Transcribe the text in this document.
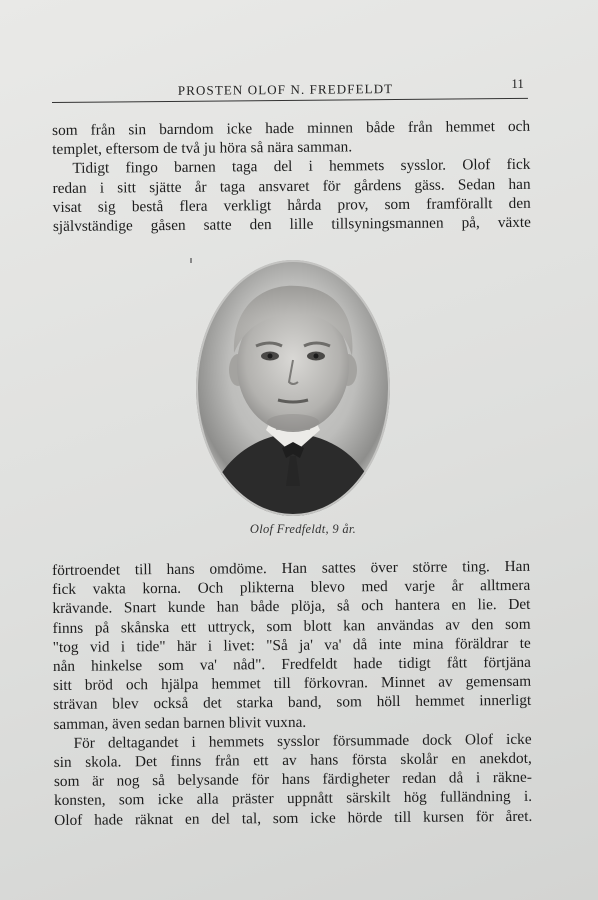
PROSTEN OLOF N. FREDFELDT	11
som från sin barndom icke hade minnen både från hemmet och
templet, eftersom de två ju höra så nära samman.
Tidigt fingo barnen taga del i hemmets sysslor. Olof fick
redan i sitt sjätte år taga ansvaret för gårdens gäss. Sedan han
visat sig bestå flera verkligt hårda prov, som framförallt den
självständige gåsen satte den lille tillsyningsmannen på, växte
Olof Fredfeldt, 9 år.
förtroendet till hans omdöme. Han sattes över större ting. Han
fick vakta korna. Och plikterna blevo med varje år alltmera
krävande. Snart kunde han både plöja, så och hantera en lie. Det
finns på skånska ett uttryck, som blott kan användas av den som
"tog vid i tide" här i livet: "Så ja' va' då inte mina föräldrar te
nån hinkelse som va' nåd". Fredfeldt hade tidigt fått förtjäna
sitt bröd och hjälpa hemmet till förkovran. Minnet av gemensam
strävan blev också det starka band, som höll hemmet innerligt
samman, även sedan barnen blivit vuxna.
För deltagandet i hemmets sysslor försummade dock Olof icke
sin skola. Det finns från ett av hans första skolår en anekdot,
som är nog så belysande för hans färdigheter redan då i räkne-
konsten, som icke alla präster uppnått särskilt hög fulländning i.
Olof hade räknat en del tal, som icke hörde till kursen för året.
